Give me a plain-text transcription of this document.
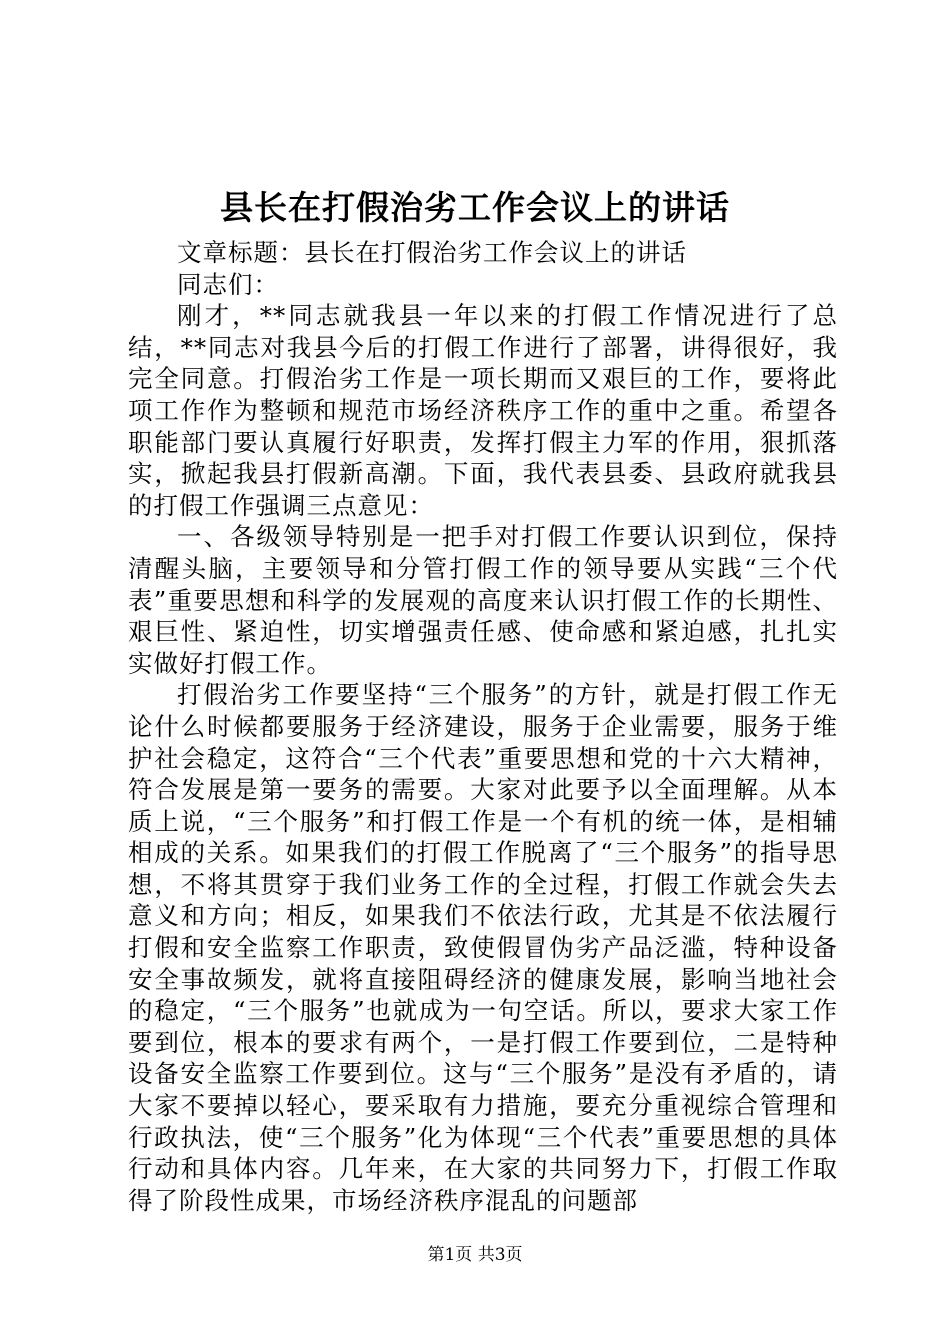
县长在打假治劣工作会议上的讲话

文章标题：县长在打假治劣工作会议上的讲话

同志们：

刚才，**同志就我县一年以来的打假工作情况进行了总结，**同志对我县今后的打假工作进行了部署，讲得很好，我完全同意。打假治劣工作是一项长期而又艰巨的工作，要将此项工作作为整顿和规范市场经济秩序工作的重中之重。希望各职能部门要认真履行好职责，发挥打假主力军的作用，狠抓落实，掀起我县打假新高潮。下面，我代表县委、县政府就我县的打假工作强调三点意见：

一、各级领导特别是一把手对打假工作要认识到位，保持清醒头脑，主要领导和分管打假工作的领导要从实践“三个代表”重要思想和科学的发展观的高度来认识打假工作的长期性、艰巨性、紧迫性，切实增强责任感、使命感和紧迫感，扎扎实实做好打假工作。

打假治劣工作要坚持“三个服务”的方针，就是打假工作无论什么时候都要服务于经济建设，服务于企业需要，服务于维护社会稳定，这符合“三个代表”重要思想和党的十六大精神，符合发展是第一要务的需要。大家对此要予以全面理解。从本质上说，“三个服务”和打假工作是一个有机的统一体，是相辅相成的关系。如果我们的打假工作脱离了“三个服务”的指导思想，不将其贯穿于我们业务工作的全过程，打假工作就会失去意义和方向；相反，如果我们不依法行政，尤其是不依法履行打假和安全监察工作职责，致使假冒伪劣产品泛滥，特种设备安全事故频发，就将直接阻碍经济的健康发展，影响当地社会的稳定，“三个服务”也就成为一句空话。所以，要求大家工作要到位，根本的要求有两个，一是打假工作要到位，二是特种设备安全监察工作要到位。这与“三个服务”是没有矛盾的，请大家不要掉以轻心，要采取有力措施，要充分重视综合管理和行政执法，使“三个服务”化为体现“三个代表”重要思想的具体行动和具体内容。几年来，在大家的共同努力下，打假工作取得了阶段性成果，市场经济秩序混乱的问题部

第1页 共3页
